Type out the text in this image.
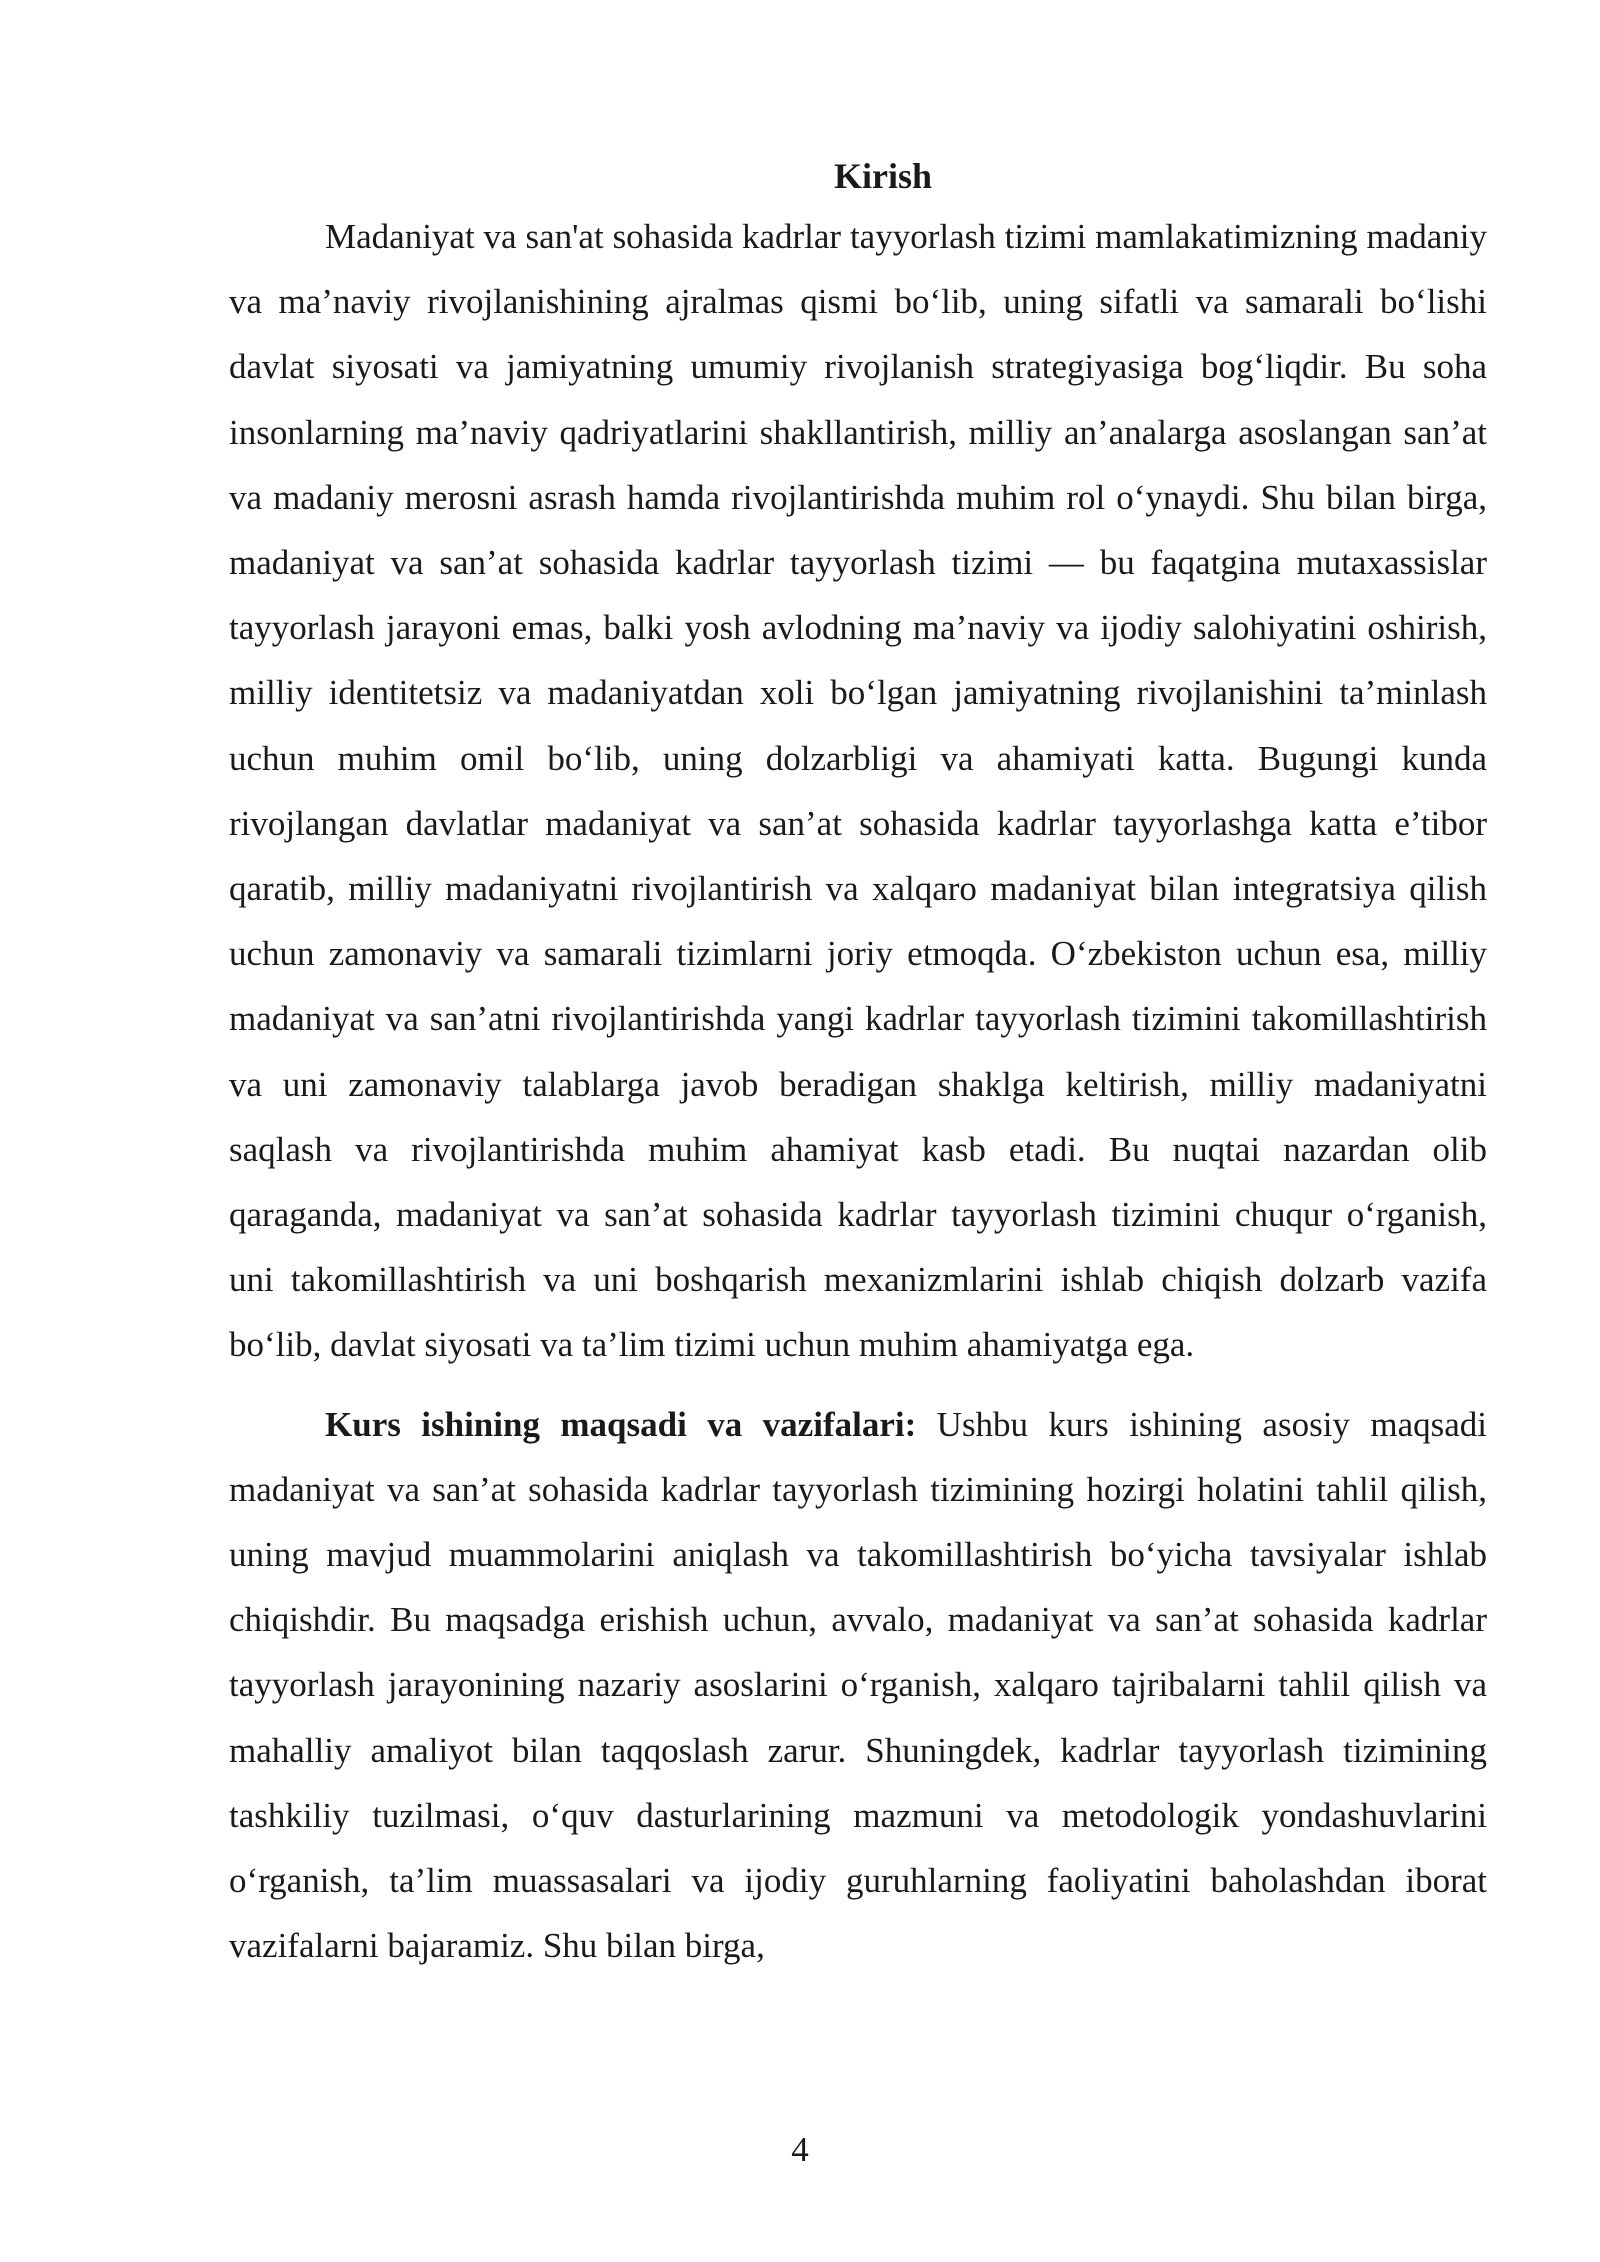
Kirish

Madaniyat va san'at sohasida kadrlar tayyorlash tizimi mamlakatimizning madaniy va ma’naviy rivojlanishining ajralmas qismi bo‘lib, uning sifatli va samarali bo‘lishi davlat siyosati va jamiyatning umumiy rivojlanish strategiyasiga bog‘liqdir. Bu soha insonlarning ma’naviy qadriyatlarini shakllantirish, milliy an’analarga asoslangan san’at va madaniy merosni asrash hamda rivojlantirishda muhim rol o‘ynaydi. Shu bilan birga, madaniyat va san’at sohasida kadrlar tayyorlash tizimi — bu faqatgina mutaxassislar tayyorlash jarayoni emas, balki yosh avlodning ma’naviy va ijodiy salohiyatini oshirish, milliy identitetsiz va madaniyatdan xoli bo‘lgan jamiyatning rivojlanishini ta’minlash uchun muhim omil bo‘lib, uning dolzarbligi va ahamiyati katta. Bugungi kunda rivojlangan davlatlar madaniyat va san’at sohasida kadrlar tayyorlashga katta e’tibor qaratib, milliy madaniyatni rivojlantirish va xalqaro madaniyat bilan integratsiya qilish uchun zamonaviy va samarali tizimlarni joriy etmoqda. O‘zbekiston uchun esa, milliy madaniyat va san’atni rivojlantirishda yangi kadrlar tayyorlash tizimini takomillashtirish va uni zamonaviy talablarga javob beradigan shaklga keltirish, milliy madaniyatni saqlash va rivojlantirishda muhim ahamiyat kasb etadi. Bu nuqtai nazardan olib qaraganda, madaniyat va san’at sohasida kadrlar tayyorlash tizimini chuqur o‘rganish, uni takomillashtirish va uni boshqarish mexanizmlarini ishlab chiqish dolzarb vazifa bo‘lib, davlat siyosati va ta’lim tizimi uchun muhim ahamiyatga ega.

Kurs ishining maqsadi va vazifalari: Ushbu kurs ishining asosiy maqsadi madaniyat va san’at sohasida kadrlar tayyorlash tizimining hozirgi holatini tahlil qilish, uning mavjud muammolarini aniqlash va takomillashtirish bo‘yicha tavsiyalar ishlab chiqishdir. Bu maqsadga erishish uchun, avvalo, madaniyat va san’at sohasida kadrlar tayyorlash jarayonining nazariy asoslarini o‘rganish, xalqaro tajribalarni tahlil qilish va mahalliy amaliyot bilan taqqoslash zarur. Shuningdek, kadrlar tayyorlash tizimining tashkiliy tuzilmasi, o‘quv dasturlarining mazmuni va metodologik yondashuvlarini o‘rganish, ta’lim muassasalari va ijodiy guruhlarning faoliyatini baholashdan iborat vazifalarni bajaramiz. Shu bilan birga,

4
